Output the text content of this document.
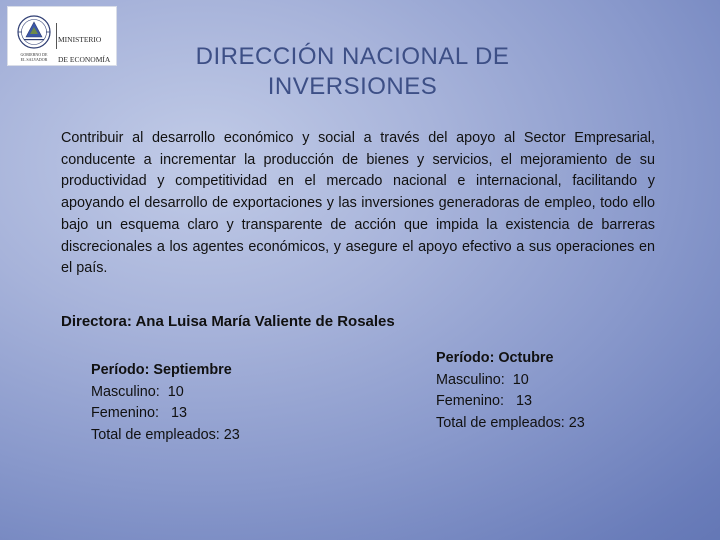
GOBIERNO DE
EL SALVADOR

MINISTERIO

DE ECONOMÍA	DIRECCIÓN NACIONAL DE INVERSIONES
Contribuir al desarrollo económico y social a través del apoyo al Sector Empresarial, conducente a incrementar la producción de bienes y servicios, el mejoramiento de su productividad y competitividad en el mercado nacional e internacional, facilitando y apoyando el desarrollo de exportaciones y las inversiones generadoras de empleo, todo ello bajo un esquema claro y transparente de acción que impida la existencia de barreras discrecionales a los agentes económicos, y asegure el apoyo efectivo a sus operaciones en el país.
Directora: Ana Luisa María Valiente de Rosales
Período: Septiembre
Masculino:  10
Femenino:   13
Total de empleados: 23
Período: Octubre
Masculino:  10
Femenino:   13
Total de empleados: 23
